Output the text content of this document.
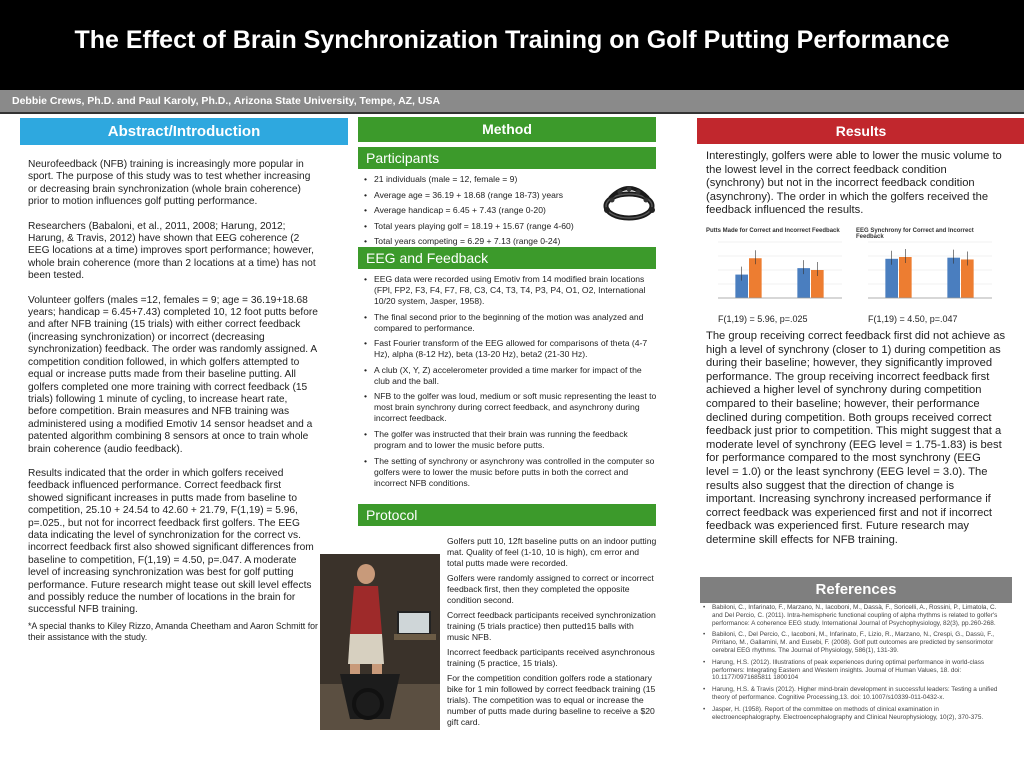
The Effect of Brain Synchronization Training on Golf Putting Performance
Debbie Crews, Ph.D. and Paul Karoly, Ph.D., Arizona State University, Tempe, AZ, USA
Abstract/Introduction

Neurofeedback (NFB) training is increasingly more popular in sport. The purpose of this study was to test whether increasing or decreasing brain synchronization (whole brain coherence) prior to motion influences golf putting performance.

Researchers (Babaloni, et al., 2011, 2008; Harung, 2012; Harung, & Travis, 2012) have shown that EEG coherence (2 EEG locations at a time) improves sport performance; however, whole brain coherence (more than 2 locations at a time) has not been tested.

Volunteer golfers (males =12, females = 9; age = 36.19+18.68 years; handicap = 6.45+7.43) completed 10, 12 foot putts before and after NFB training (15 trials) with either correct feedback (increasing synchronization) or incorrect (decreasing synchronization) feedback. The order was randomly assigned. A competition condition followed, in which golfers attempted to equal or increase putts made from their baseline putting. All golfers completed one more training with correct feedback (15 trials) following 1 minute of cycling, to increase heart rate, before competition. Brain measures and NFB training was administered using a modified Emotiv 14 sensor headset and a patented algorithm combining 8 sensors at once to train whole brain coherence (audio feedback).

Results indicated that the order in which golfers received feedback influenced performance. Correct feedback first showed significant increases in putts made from baseline to competition, 25.10 + 24.54 to 42.60 + 21.79, F(1,19) = 5.96, p=.025., but not for incorrect feedback first golfers. The EEG data indicating the level of synchronization for the correct vs. incorrect feedback first also showed significant differences from baseline to competition, F(1,19) = 4.50, p=.047. A moderate level of increasing synchronization was best for golf putting performance. Future research might tease out skill level effects and possibly reduce the number of locations in the brain for successful NFB training.

*A special thanks to Kiley Rizzo, Amanda Cheetham and Aaron Schmitt for their assistance with the study.
Method
Participants
• 21 individuals (male = 12, female = 9)
• Average age = 36.19 + 18.68 (range 18-73) years
• Average handicap = 6.45 + 7.43 (range 0-20)
• Total years playing golf = 18.19 + 15.67 (range 4-60)
• Total years competing = 6.29 + 7.13 (range 0-24)
EEG and Feedback
• EEG data were recorded using Emotiv from 14 modified brain locations (FPl, FP2, F3, F4, F7, F8, C3, C4, T3, T4, P3, P4, O1, O2, International 10/20 system, Jasper, 1958).
• The final second prior to the beginning of the motion was analyzed and compared to performance.
• Fast Fourier transform of the EEG allowed for comparisons of theta (4-7 Hz), alpha (8-12 Hz), beta (13-20 Hz), beta2 (21-30 Hz).
• A club (X, Y, Z) accelerometer provided a time marker for impact of the club and the ball.
• NFB to the golfer was loud, medium or soft music representing the least to most brain synchrony during correct feedback, and asynchrony during incorrect feedback.
• The golfer was instructed that their brain was running the feedback program and to lower the music before putts.
• The setting of synchrony or asynchrony was controlled in the computer so golfers were to lower the music before putts in both the correct and incorrect NFB conditions.
Protocol

Golfers putt 10, 12ft baseline putts on an indoor putting mat. Quality of feel (1-10, 10 is high), cm error and total putts made were recorded.

Golfers were randomly assigned to correct or incorrect feedback first, then they completed the opposite condition second.

Correct feedback participants received synchronization training (5 trials practice) then putted15 balls with music NFB.

Incorrect feedback participants received asynchronous training (5 practice, 15 trials).

For the competition condition golfers rode a stationary bike for 1 min followed by correct feedback training (15 trials). The competition was to equal or increase the number of putts made during baseline to receive a $20 gift card.

Results
Interestingly, golfers were able to lower the music volume to the lowest level in the correct feedback condition (synchrony) but not in the incorrect feedback condition (asynchrony). The order in which the golfers received the feedback influenced the results.
Putts Made for Correct and Incorrect Feedback	EEG Synchrony for Correct and Incorrect Feedback
F(1,19) = 5.96, p=.025	F(1,19) = 4.50, p=.047
The group receiving correct feedback first did not achieve as high a level of synchrony (closer to 1) during competition as during their baseline; however, they significantly improved performance. The group receiving incorrect feedback first achieved a higher level of synchrony during competition compared to their baseline; however, their performance declined during competition. Both groups received correct feedback just prior to competition. This might suggest that a moderate level of synchrony (EEG level = 1.75-1.83) is best for performance compared to the most synchrony (EEG level = 1.0) or the least synchrony (EEG level = 3.0). The results also suggest that the direction of change is important. Increasing synchrony increased performance if correct feedback was experienced first and not if incorrect feedback was experienced first. Future research may determine skill effects for NFB training.
References
• Babiloni, C., Infarinato, F., Marzano, N., Iacoboni, M., Dassà, F., Soricelli, A., Rossini, P., Limatola, C. and Del Percio, C. (2011). Intra-hemispheric functional coupling of alpha rhythms is related to golfer's performance: A coherence EEG study. International Journal of Psychophysiology, 82(3), pp.260-268.
• Babiloni, C., Del Percio, C., Iacoboni, M., Infarinato, F., Lizio, R., Marzano, N., Crespi, G., Dassù, F., Pirritano, M., Gallamini, M. and Eusebi, F. (2008). Golf putt outcomes are predicted by sensorimotor cerebral EEG rhythms. The Journal of Physiology, 586(1), 131-39.
• Harung, H.S. (2012). Illustrations of peak experiences during optimal performance in world-class performers: Integrating Eastern and Western insights. Journal of Human Values, 18. doi: 10.1177/0971685811 1800104
• Harung, H.S. & Travis (2012). Higher mind-brain development in successful leaders: Testing a unified theory of performance. Cognitive Processing,13. doi: 10.1007/s10339-011-0432-x.
• Jasper, H. (1958). Report of the committee on methods of clinical examination in electroencephalography. Electroencephalography and Clinical Neurophysiology, 10(2), 370-375.
